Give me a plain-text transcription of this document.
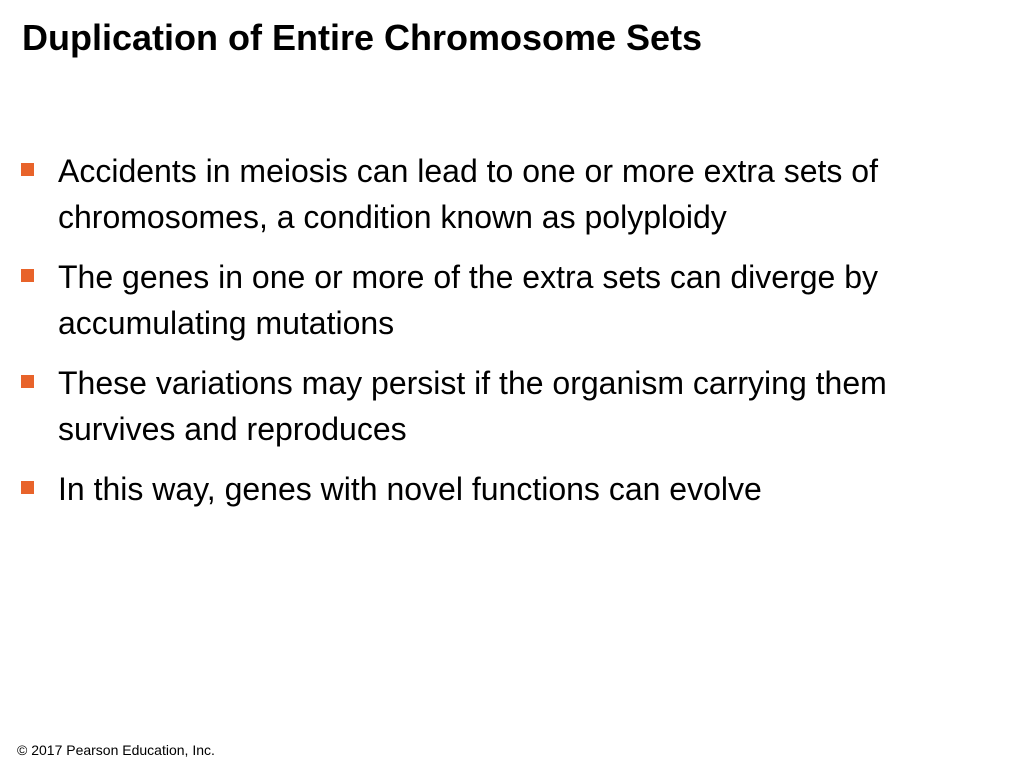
Duplication of Entire Chromosome Sets
Accidents in meiosis can lead to one or more extra sets of chromosomes, a condition known as polyploidy
The genes in one or more of the extra sets can diverge by accumulating mutations
These variations may persist if the organism carrying them survives and reproduces
In this way, genes with novel functions can evolve
© 2017 Pearson Education, Inc.
